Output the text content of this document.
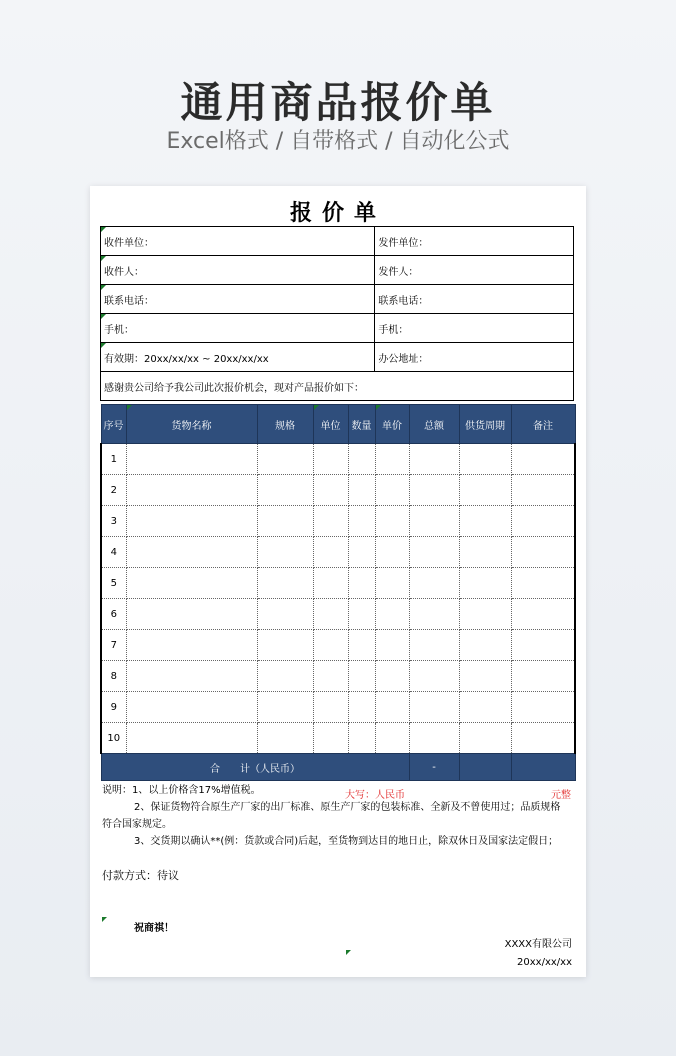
通用商品报价单
Excel格式 / 自带格式 / 自动化公式
报价单
收件单位：	发件单位：
收件人：	发件人：
联系电话：	联系电话：
手机：	手机：
有效期：20xx/xx/xx ~ 20xx/xx/xx	办公地址：
感谢贵公司给予我公司此次报价机会，现对产品报价如下：	
序号	货物名称	规格	单位	数量	单价	总额	供货周期	备注
1								
2								
3								
4								
5								
6								
7								
8								
9								
10								
合　　计（人民币）						-		
大写：人民币						元整		

说明：1、以上价格含17%增值税。

2、保证货物符合原生产厂家的出厂标准、原生产厂家的包装标准、全新及不曾使用过；品质规格符合国家规定。

3、交货期以确认**(例：货款或合同)后起，至货物到达目的地日止，除双休日及国家法定假日；

付款方式：待议
祝商祺！
XXXX有限公司
20xx/xx/xx
